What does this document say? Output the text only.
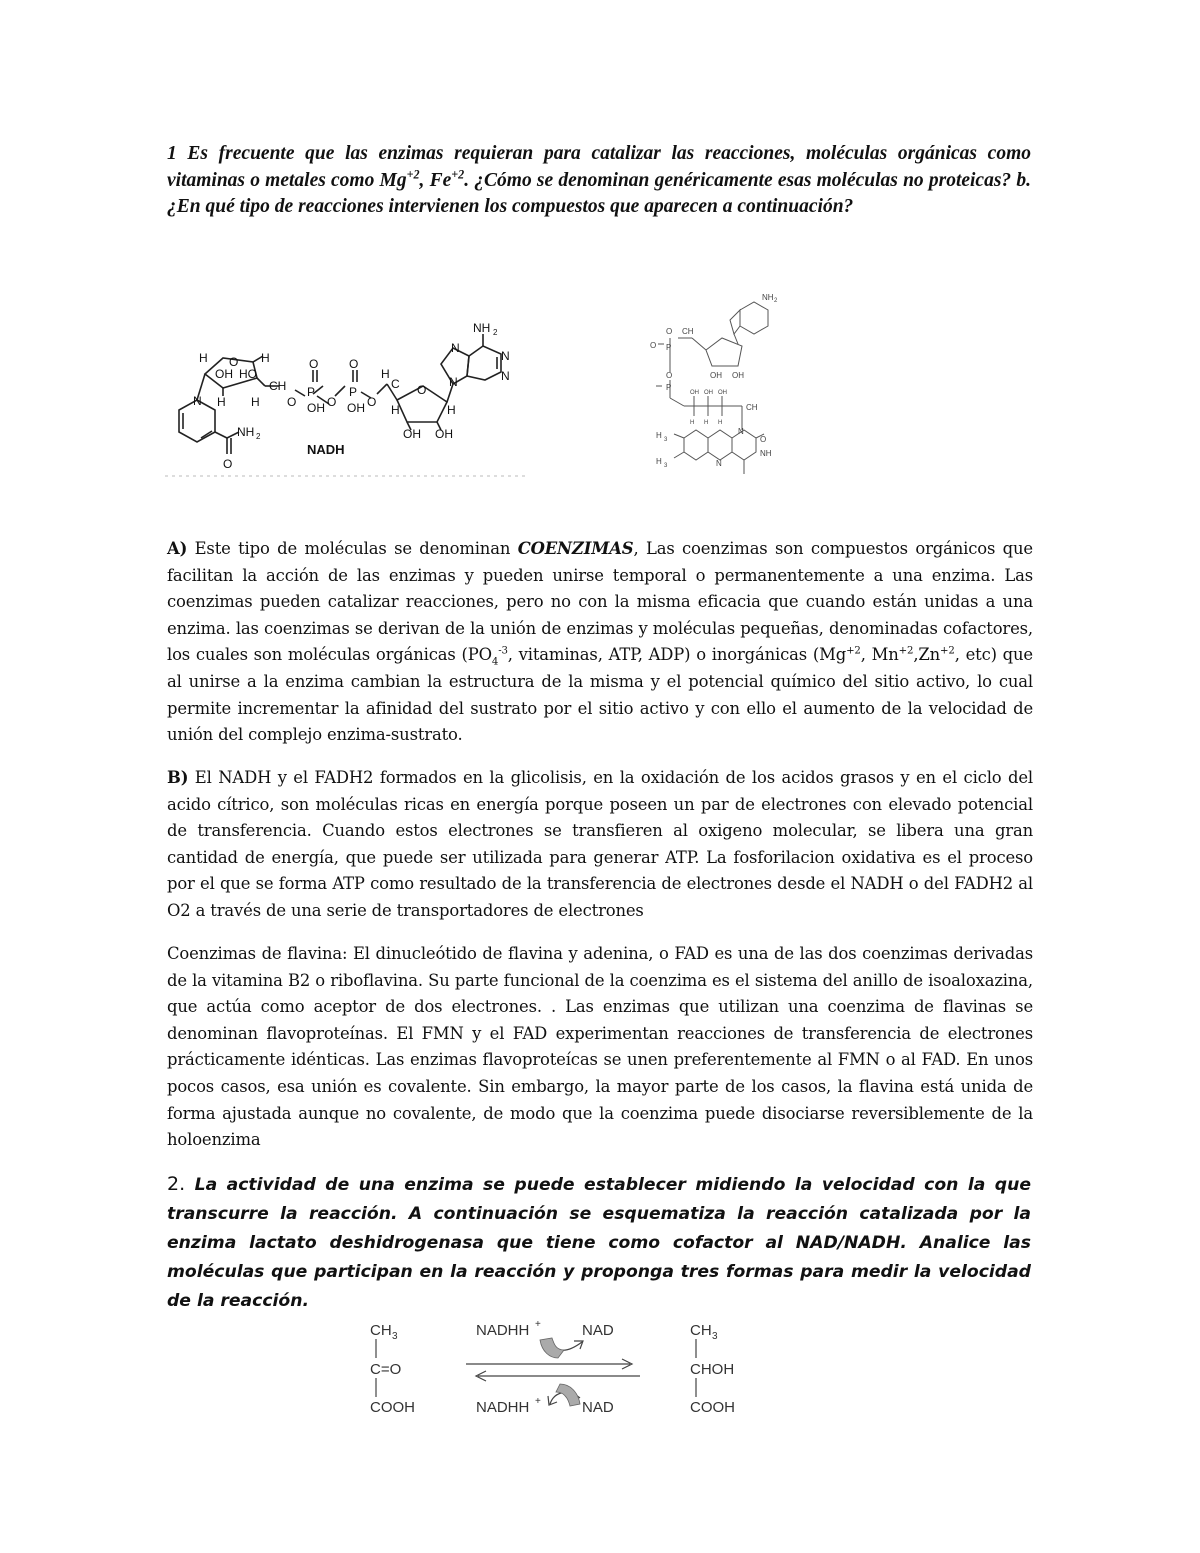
1 Es frecuente que las enzimas requieran para catalizar las reacciones, moléculas orgánicas como vitaminas o metales como $Mg^{+2}$, $Fe^{+2}$. ¿Cómo se denominan genéricamente esas moléculas no proteicas? b. ¿En qué tipo de reacciones intervienen los compuestos que aparecen a continuación?

H O H
OH HO
H H
N
CH
O
P
O
OH O
P
O
OH O
H
C O
H	H
OH OH
N
N
N
N
NH 2
NH 2
O
NADH
NH 2
CH
O
P
O
O
P
OH OH
OH OH OH
CH
H H H
N
O
NH
H 3
H 3	N

A) Este tipo de moléculas se denominan COENZIMAS, Las coenzimas son compuestos orgánicos que facilitan la acción de las enzimas y pueden unirse temporal o permanentemente a una enzima. Las coenzimas pueden catalizar reacciones, pero no con la misma eficacia que cuando están unidas a una enzima. las coenzimas se derivan de la unión de enzimas y moléculas pequeñas, denominadas cofactores, los cuales son moléculas orgánicas ($PO_4^{-3}$, vitaminas, ATP, ADP) o inorgánicas ($Mg^{+2}$, $Mn^{+2},Zn^{+2}$, etc) que al unirse a la enzima cambian la estructura de la misma y el potencial químico del sitio activo, lo cual permite incrementar la afinidad del sustrato por el sitio activo y con ello el aumento de la velocidad de unión del complejo enzima-sustrato.

B) El NADH y el FADH2 formados en la glicolisis, en la oxidación de los acidos grasos y en el ciclo del acido cítrico, son moléculas ricas en energía porque poseen un par de electrones con elevado potencial de transferencia. Cuando estos electrones se transfieren al oxigeno molecular, se libera una gran cantidad de energía, que puede ser utilizada para generar ATP. La fosforilacion oxidativa es el proceso por el que se forma ATP como resultado de la transferencia de electrones desde el NADH o del FADH2 al O2 a través de una serie de transportadores de electrones

Coenzimas de flavina: El dinucleótido de flavina y adenina, o FAD es una de las dos coenzimas derivadas de la vitamina B2 o riboflavina. Su parte funcional de la coenzima es el sistema del anillo de isoaloxazina, que actúa como aceptor de dos electrones. . Las enzimas que utilizan una coenzima de flavinas se denominan flavoproteínas. El FMN y el FAD experimentan reacciones de transferencia de electrones prácticamente idénticas. Las enzimas flavoproteícas se unen preferentemente al FMN o al FAD. En unos pocos casos, esa unión es covalente. Sin embargo, la mayor parte de los casos, la flavina está unida de forma ajustada aunque no covalente, de modo que la coenzima puede disociarse reversiblemente de la holoenzima

2. La actividad de una enzima se puede establecer midiendo la velocidad con la que transcurre la reacción. A continuación se esquematiza la reacción catalizada por la enzima lactato deshidrogenasa que tiene como cofactor al NAD/NADH. Analice las moléculas que participan en la reacción y proponga tres formas para medir la velocidad de la reacción.

CH 3
C=O
COOH
CH 3
CHOH
COOH
NADHH +	NAD
NADHH +	NAD
